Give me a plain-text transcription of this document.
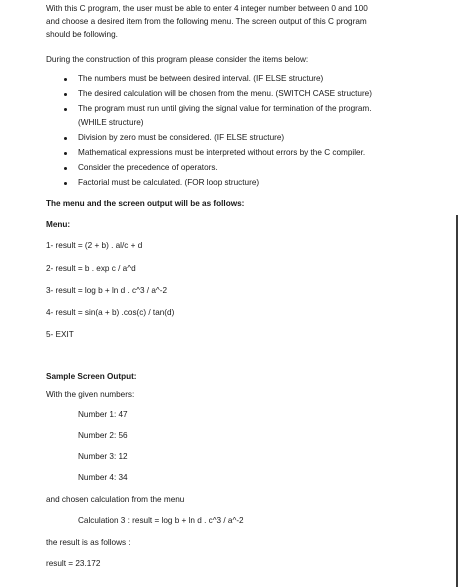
With this C program, the user must be able to enter 4 integer number between 0 and 100
and choose a desired item from the following menu. The screen output of this C program
should be following.
During the construction of this program please consider the items below:
The numbers must be between desired interval. (IF ELSE structure)
The desired calculation will be chosen from the menu. (SWITCH CASE structure)
The program must run until giving the signal value for termination of the program.
(WHILE structure)
Division by zero must be considered. (IF ELSE structure)
Mathematical expressions must be interpreted without errors by the C compiler.
Consider the precedence of operators.
Factorial must be calculated. (FOR loop structure)
The menu and the screen output will be as follows:
Menu:
1- result = (2 + b) . al/c + d
2- result = b . exp c / a^d
3- result = log b + ln d . c^3 / a^-2
4- result = sin(a + b) .cos(c) / tan(d)
5- EXIT
Sample Screen Output:
With the given numbers:
Number 1: 47
Number 2: 56
Number 3: 12
Number 4: 34
and chosen calculation from the menu
Calculation 3 : result = log b + ln d . c^3 / a^-2
the result is as follows :
result = 23.172
